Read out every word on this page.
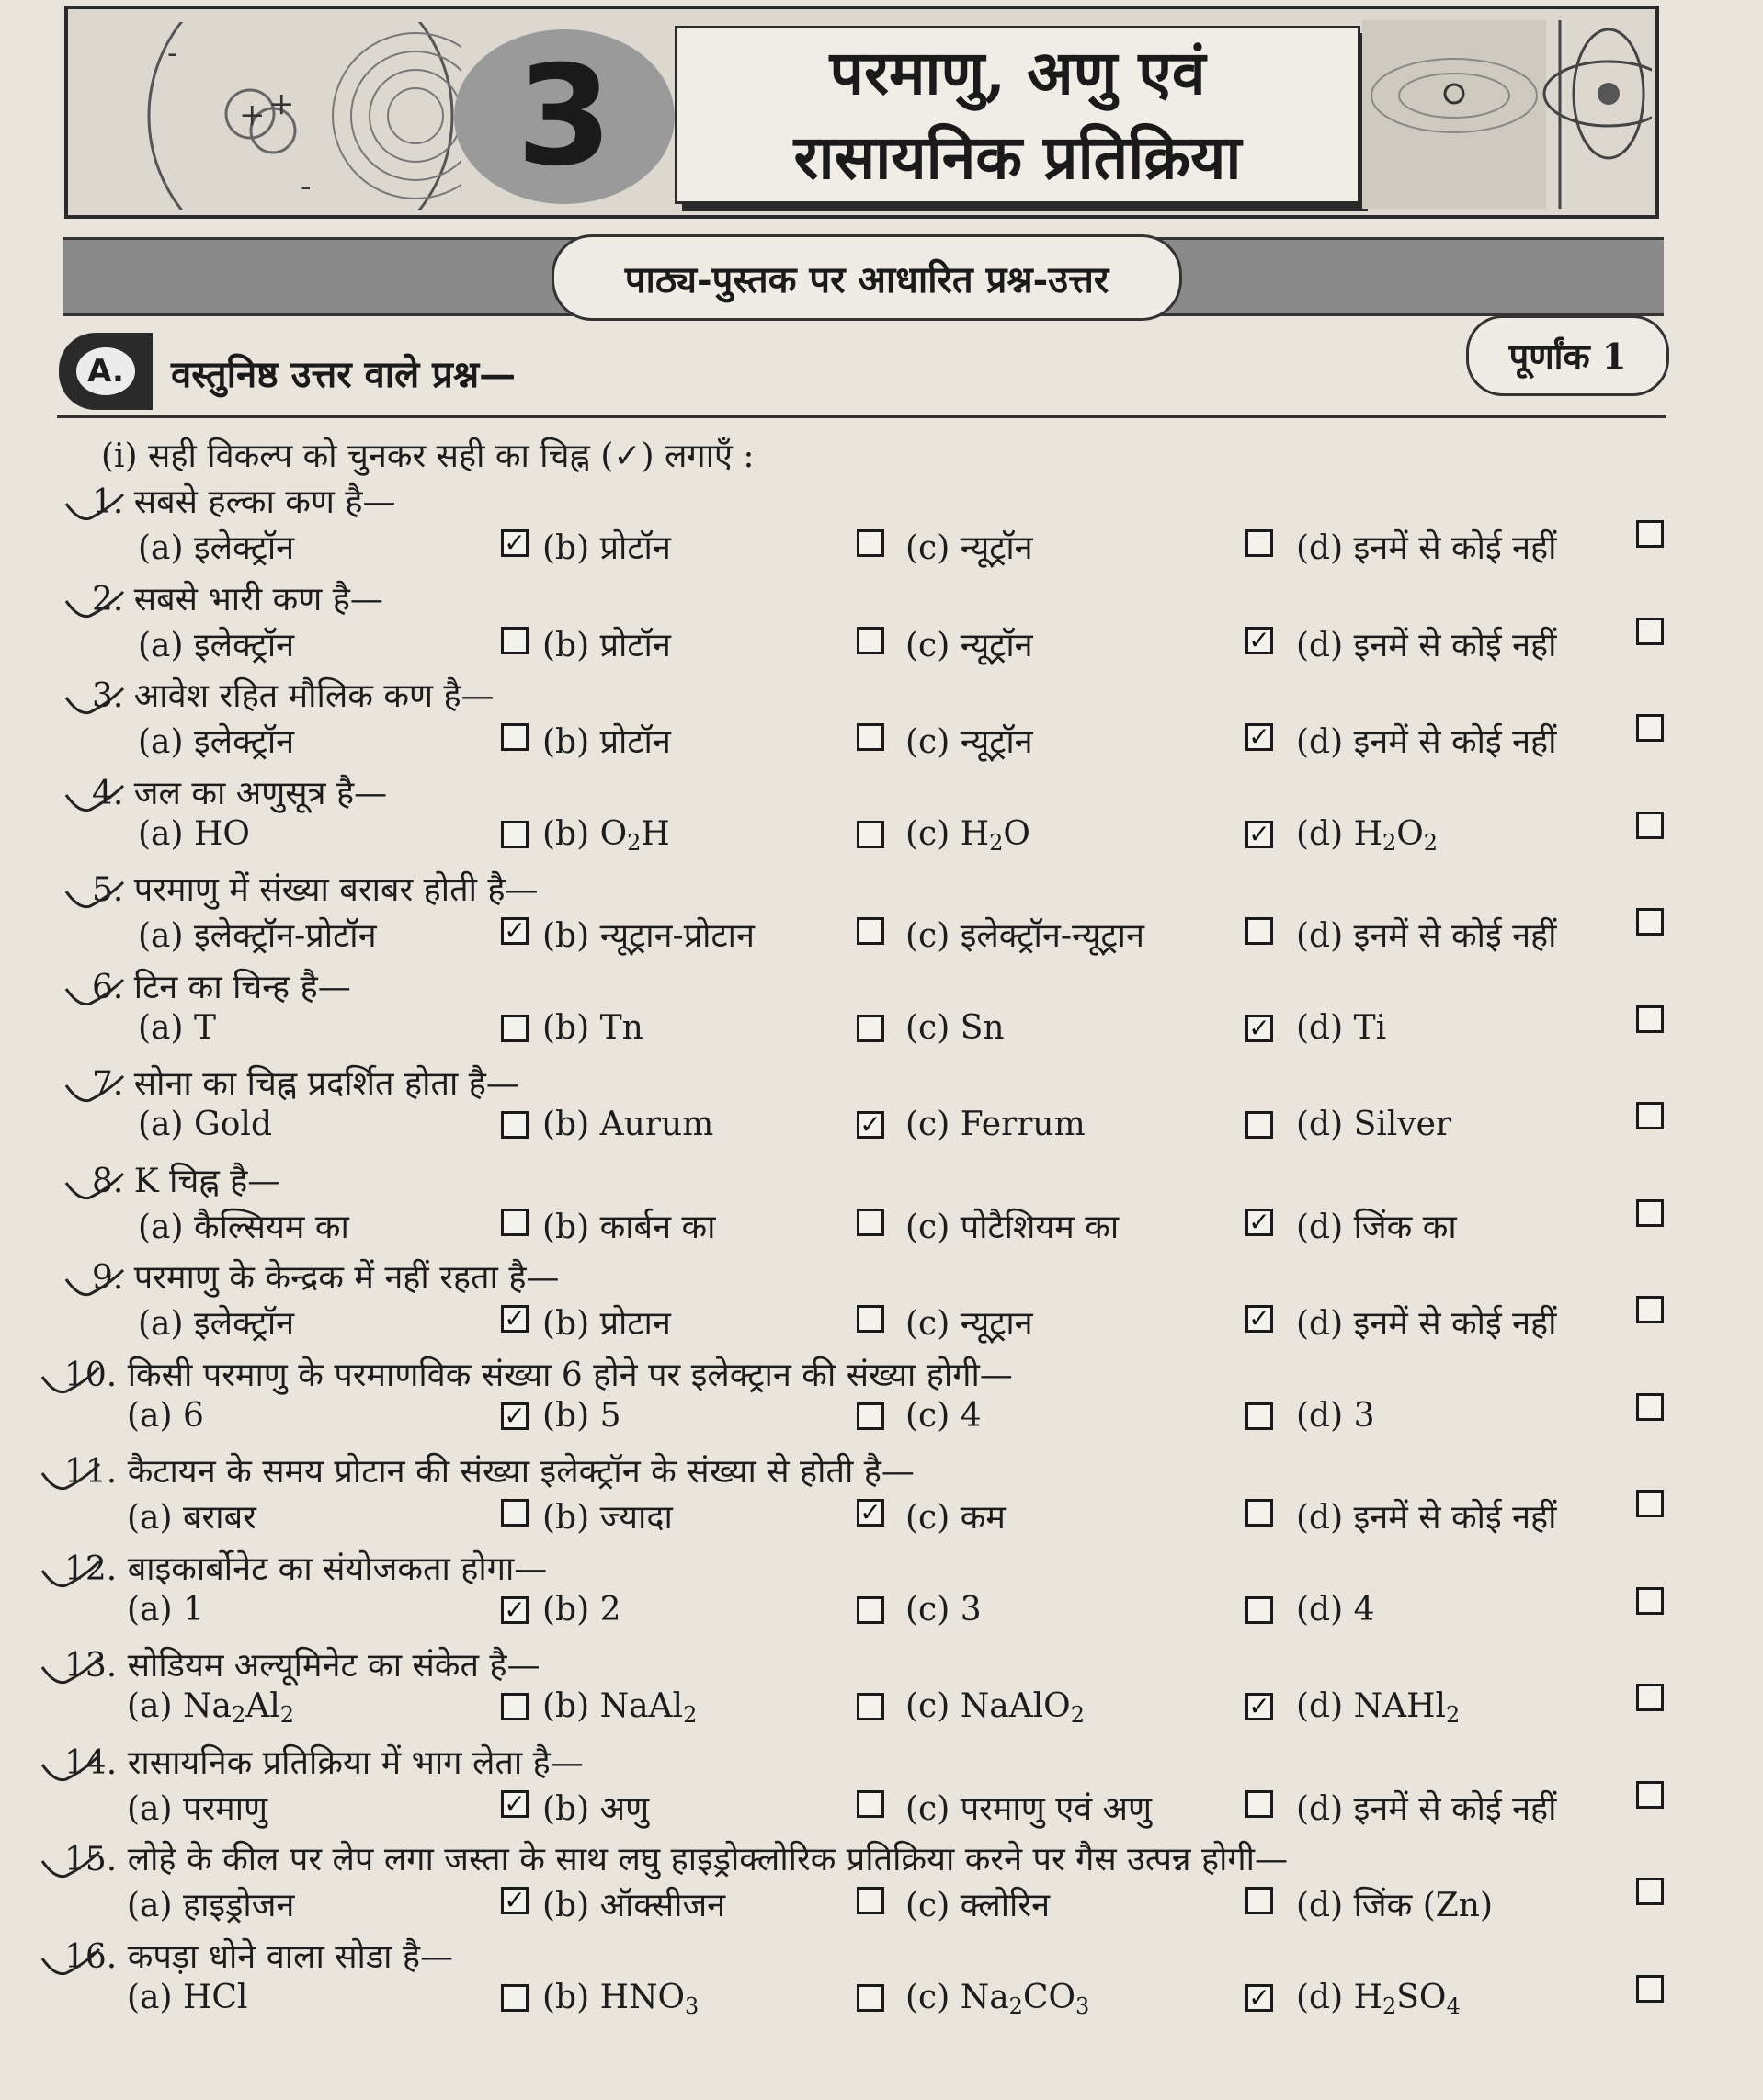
+ +
-
-	3	परमाणु, अणु एवं
रासायनिक प्रतिक्रिया
पाठ्य-पुस्तक पर आधारित प्रश्न-उत्तर
A.	वस्तुनिष्ठ उत्तर वाले प्रश्न—	पूर्णांक 1
(i) सही विकल्प को चुनकर सही का चिह्न (✓) लगाएँ :
1. सबसे हल्का कण है—
(a) इलेक्ट्रॉन ✓	(b) प्रोटॉन	(c) न्यूट्रॉन	(d) इनमें से कोई नहीं
2. सबसे भारी कण है—
(a) इलेक्ट्रॉन	(b) प्रोटॉन	(c) न्यूट्रॉन ✓	(d) इनमें से कोई नहीं
3. आवेश रहित मौलिक कण है—
(a) इलेक्ट्रॉन	(b) प्रोटॉन	(c) न्यूट्रॉन ✓	(d) इनमें से कोई नहीं
4. जल का अणुसूत्र है—
(a) HO	(b) $O_2H$	(c) $H_2O$ ✓	(d) $H_2O_2$
5. परमाणु में संख्या बराबर होती है—
(a) इलेक्ट्रॉन-प्रोटॉन ✓	(b) न्यूट्रान-प्रोटान	(c) इलेक्ट्रॉन-न्यूट्रान	(d) इनमें से कोई नहीं
6. टिन का चिन्ह है—
(a) T	(b) Tn	(c) Sn ✓	(d) Ti
7. सोना का चिह्न प्रदर्शित होता है—
(a) Gold	(b) Aurum ✓	(c) Ferrum	(d) Silver
8. K चिह्न है—
(a) कैल्सियम का	(b) कार्बन का	(c) पोटैशियम का ✓	(d) जिंक का
9. परमाणु के केन्द्रक में नहीं रहता है—
(a) इलेक्ट्रॉन ✓	(b) प्रोटान	(c) न्यूट्रान ✓	(d) इनमें से कोई नहीं
10. किसी परमाणु के परमाणविक संख्या 6 होने पर इलेक्ट्रान की संख्या होगी—
(a) 6 ✓	(b) 5	(c) 4	(d) 3
11. कैटायन के समय प्रोटान की संख्या इलेक्ट्रॉन के संख्या से होती है—
(a) बराबर	(b) ज्यादा ✓	(c) कम	(d) इनमें से कोई नहीं
12. बाइकार्बोनेट का संयोजकता होगा—
(a) 1 ✓	(b) 2	(c) 3	(d) 4
13. सोडियम अल्यूमिनेट का संकेत है—
(a) $Na_2Al_2$	(b) NaAl$_2$	(c) NaAlO$_2$ ✓	(d) NAHl$_2$
14. रासायनिक प्रतिक्रिया में भाग लेता है—
(a) परमाणु ✓	(b) अणु	(c) परमाणु एवं अणु	(d) इनमें से कोई नहीं
15. लोहे के कील पर लेप लगा जस्ता के साथ लघु हाइड्रोक्लोरिक प्रतिक्रिया करने पर गैस उत्पन्न होगी—
(a) हाइड्रोजन ✓	(b) ऑक्सीजन	(c) क्लोरिन	(d) जिंक (Zn)
16. कपड़ा धोने वाला सोडा है—
(a) HCl	(b) $HNO_3$	(c) $Na_2CO_3$ ✓	(d) $H_2SO_4$
